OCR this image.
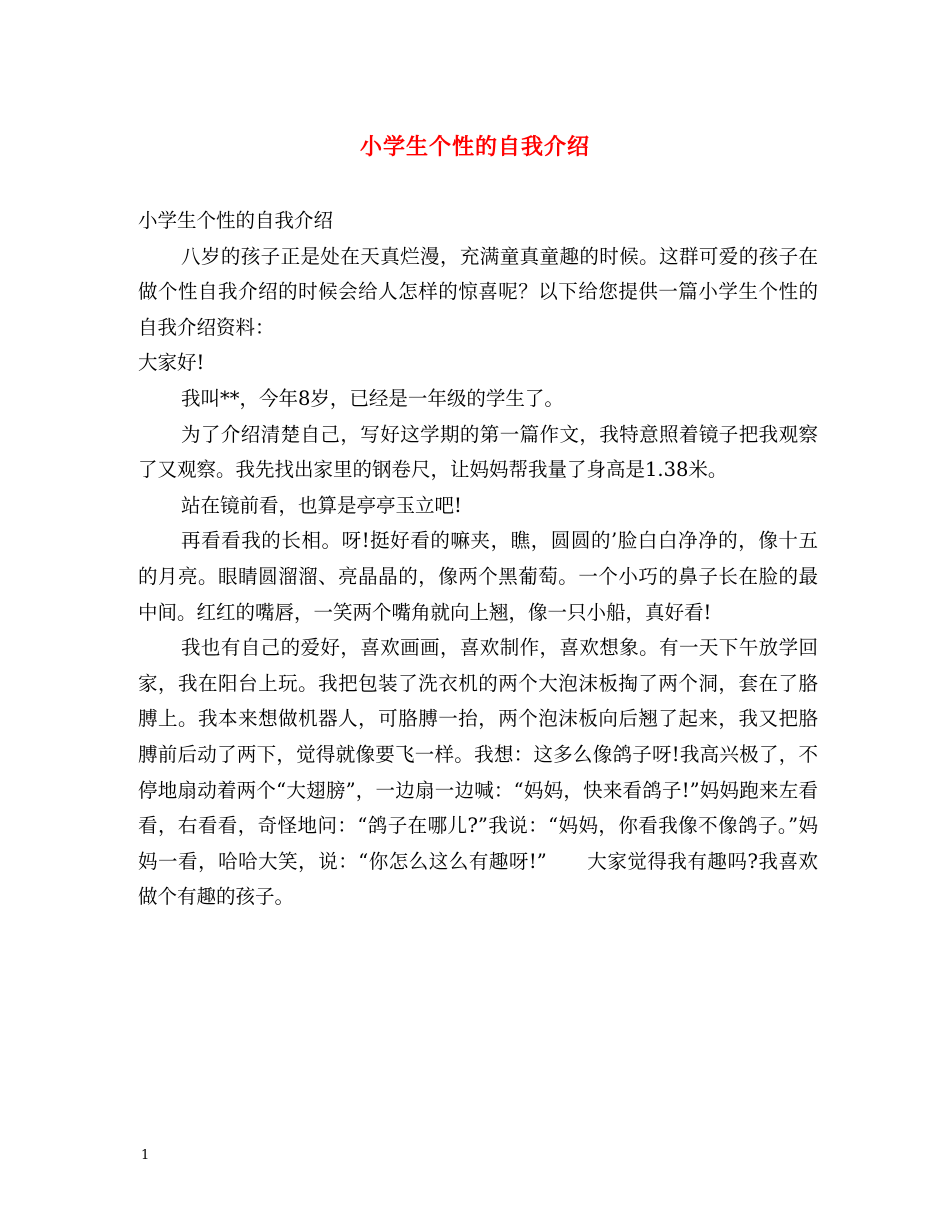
小学生个性的自我介绍

小学生个性的自我介绍

八岁的孩子正是处在天真烂漫，充满童真童趣的时候。这群可爱的孩子在做个性自我介绍的时候会给人怎样的惊喜呢？以下给您提供一篇小学生个性的自我介绍资料：

大家好!

我叫**，今年8岁，已经是一年级的学生了。

为了介绍清楚自己，写好这学期的第一篇作文，我特意照着镜子把我观察了又观察。我先找出家里的钢卷尺，让妈妈帮我量了身高是1.38米。

站在镜前看，也算是亭亭玉立吧!

再看看我的长相。呀!挺好看的嘛夹，瞧，圆圆的’脸白白净净的，像十五的月亮。眼睛圆溜溜、亮晶晶的，像两个黑葡萄。一个小巧的鼻子长在脸的最中间。红红的嘴唇，一笑两个嘴角就向上翘，像一只小船，真好看!

我也有自己的爱好，喜欢画画，喜欢制作，喜欢想象。有一天下午放学回家，我在阳台上玩。我把包装了洗衣机的两个大泡沫板掏了两个洞，套在了胳膊上。我本来想做机器人，可胳膊一抬，两个泡沫板向后翘了起来，我又把胳膊前后动了两下，觉得就像要飞一样。我想：这多么像鸽子呀!我高兴极了，不停地扇动着两个“大翅膀”，一边扇一边喊：“妈妈，快来看鸽子!”妈妈跑来左看看，右看看，奇怪地问：“鸽子在哪儿?”我说：“妈妈，你看我像不像鸽子。”妈妈一看，哈哈大笑，说：“你怎么这么有趣呀!”　　大家觉得我有趣吗?我喜欢做个有趣的孩子。

1
